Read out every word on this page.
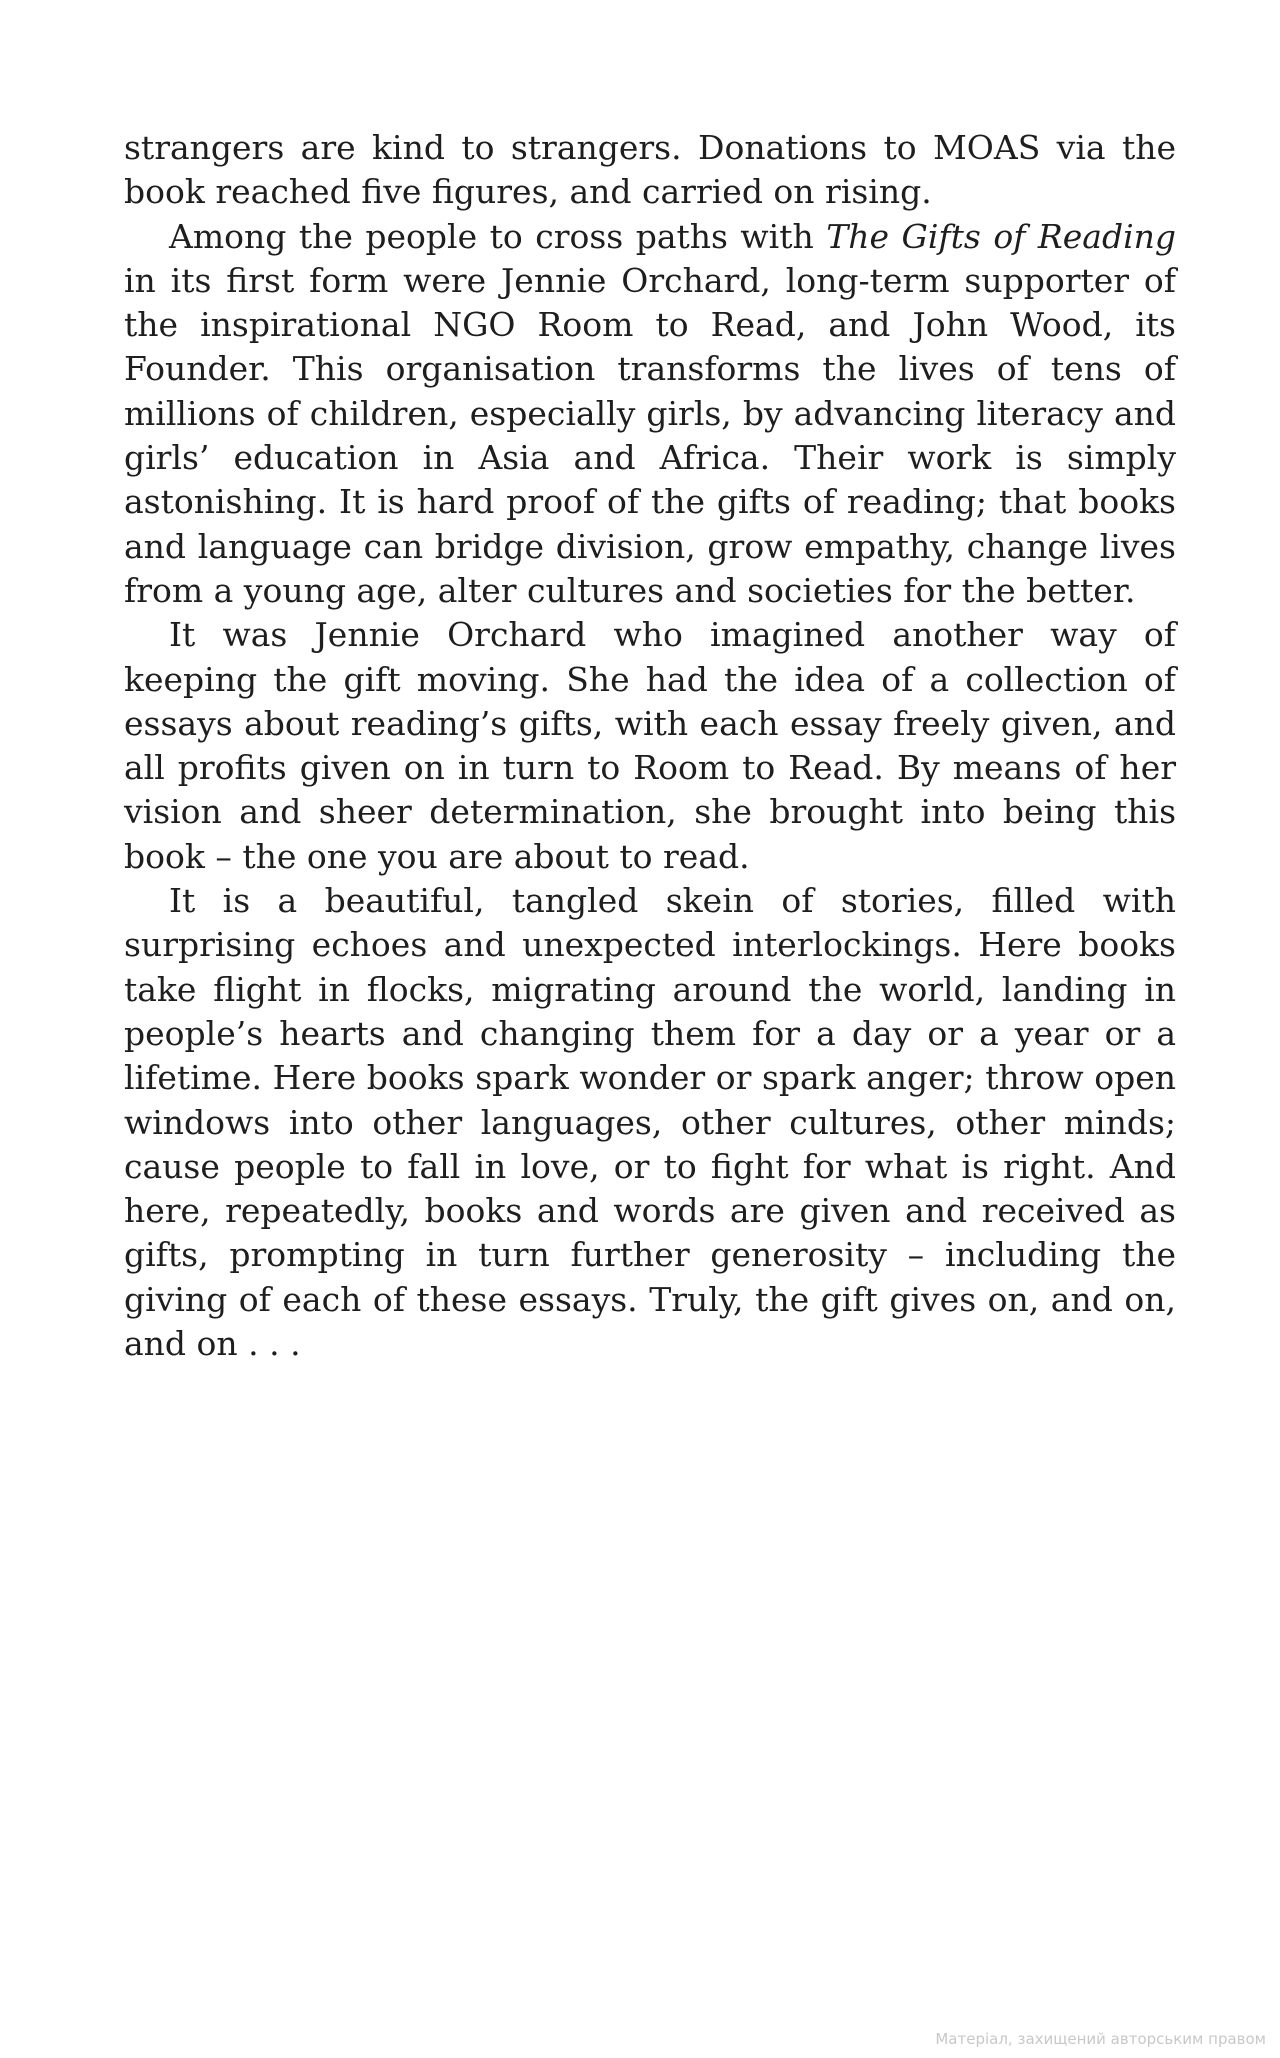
strangers are kind to strangers. Donations to MOAS via the book reached five figures, and carried on rising.

Among the people to cross paths with The Gifts of Reading in its first form were Jennie Orchard, long-term supporter of the inspirational NGO Room to Read, and John Wood, its Founder. This organisation transforms the lives of tens of millions of children, especially girls, by advancing literacy and girls’ education in Asia and Africa. Their work is simply astonishing. It is hard proof of the gifts of reading; that books and language can bridge division, grow empathy, change lives from a young age, alter cultures and societies for the better.

It was Jennie Orchard who imagined another way of keeping the gift moving. She had the idea of a collection of essays about reading’s gifts, with each essay freely given, and all profits given on in turn to Room to Read. By means of her vision and sheer determination, she brought into being this book – the one you are about to read.

It is a beautiful, tangled skein of stories, filled with surprising echoes and unexpected interlockings. Here books take flight in flocks, migrating around the world, landing in people’s hearts and changing them for a day or a year or a lifetime. Here books spark wonder or spark anger; throw open windows into other languages, other cultures, other minds; cause people to fall in love, or to fight for what is right. And here, repeatedly, books and words are given and received as gifts, prompting in turn further generosity – including the giving of each of these essays. Truly, the gift gives on, and on, and on . . .

Матеріал, захищений авторським правом
